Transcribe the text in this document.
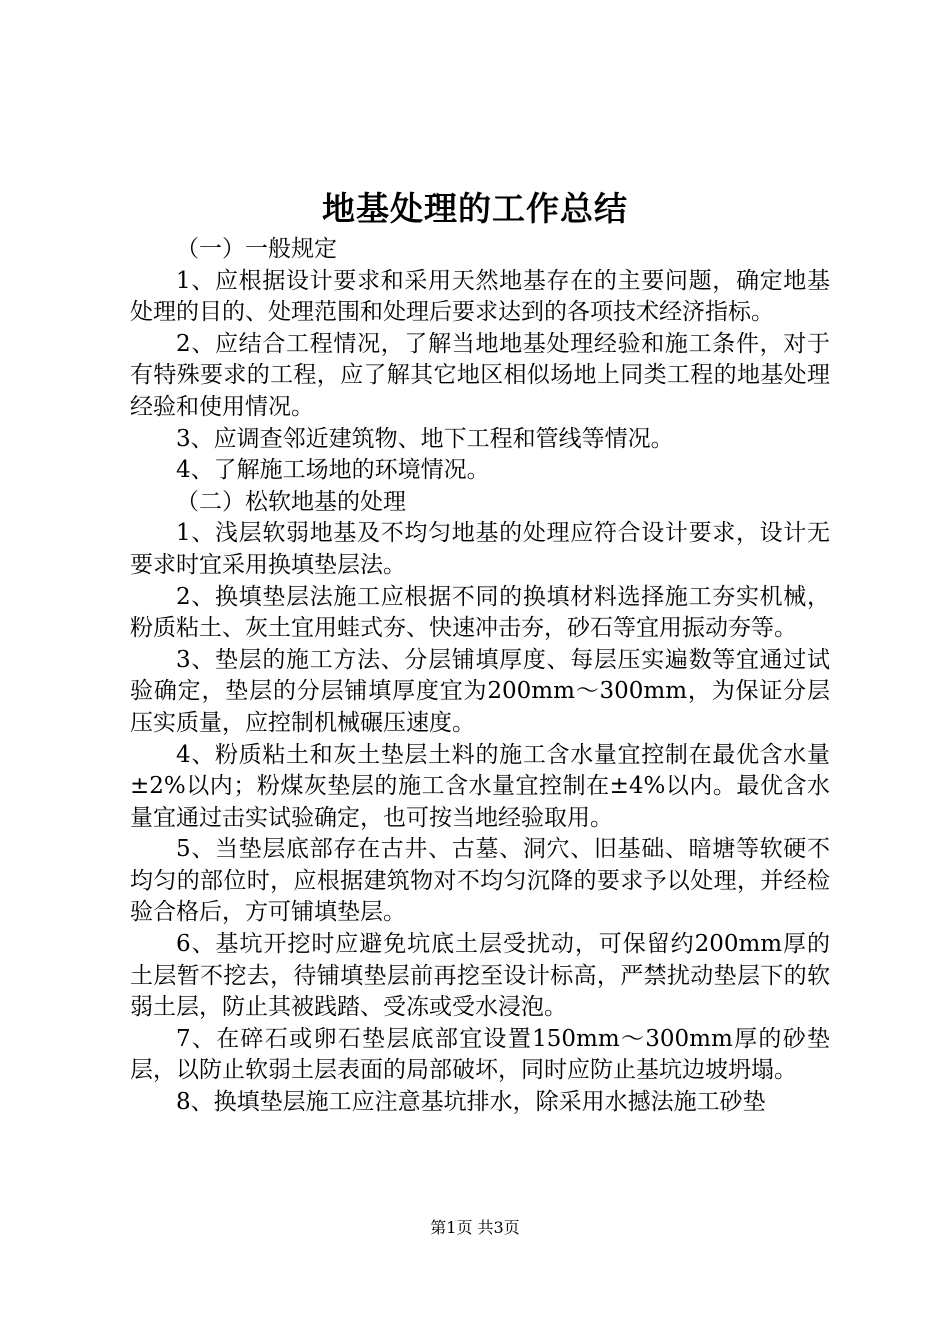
地基处理的工作总结

（一）一般规定

1、应根据设计要求和采用天然地基存在的主要问题，确定地基处理的目的、处理范围和处理后要求达到的各项技术经济指标。

2、应结合工程情况，了解当地地基处理经验和施工条件，对于有特殊要求的工程，应了解其它地区相似场地上同类工程的地基处理经验和使用情况。

3、应调查邻近建筑物、地下工程和管线等情况。

4、了解施工场地的环境情况。

（二）松软地基的处理

1、浅层软弱地基及不均匀地基的处理应符合设计要求，设计无要求时宜采用换填垫层法。

2、换填垫层法施工应根据不同的换填材料选择施工夯实机械，粉质粘土、灰土宜用蛙式夯、快速冲击夯，砂石等宜用振动夯等。

3、垫层的施工方法、分层铺填厚度、每层压实遍数等宜通过试验确定，垫层的分层铺填厚度宜为200mm～300mm，为保证分层压实质量，应控制机械碾压速度。

4、粉质粘土和灰土垫层土料的施工含水量宜控制在最优含水量±2%以内；粉煤灰垫层的施工含水量宜控制在±4%以内。最优含水量宜通过击实试验确定，也可按当地经验取用。

5、当垫层底部存在古井、古墓、洞穴、旧基础、暗塘等软硬不均匀的部位时，应根据建筑物对不均匀沉降的要求予以处理，并经检验合格后，方可铺填垫层。

6、基坑开挖时应避免坑底土层受扰动，可保留约200mm厚的土层暂不挖去，待铺填垫层前再挖至设计标高，严禁扰动垫层下的软弱土层，防止其被践踏、受冻或受水浸泡。

7、在碎石或卵石垫层底部宜设置150mm～300mm厚的砂垫层，以防止软弱土层表面的局部破坏，同时应防止基坑边坡坍塌。

8、换填垫层施工应注意基坑排水，除采用水撼法施工砂垫

第1页 共3页
